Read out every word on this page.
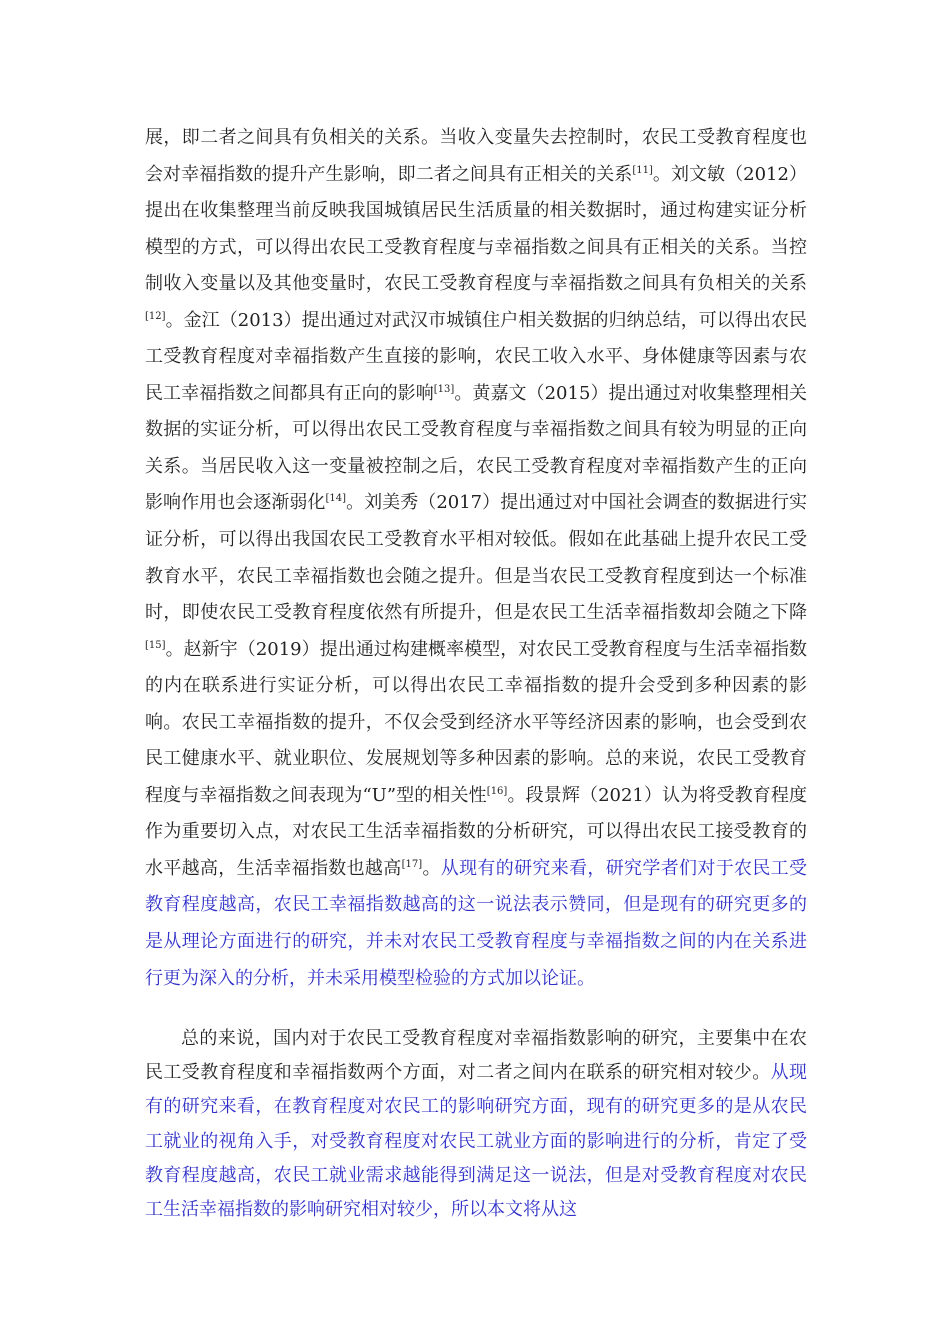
展，即二者之间具有负相关的关系。当收入变量失去控制时，农民工受教育程度也会对幸福指数的提升产生影响，即二者之间具有正相关的关系[11]。刘文敏（2012）提出在收集整理当前反映我国城镇居民生活质量的相关数据时，通过构建实证分析模型的方式，可以得出农民工受教育程度与幸福指数之间具有正相关的关系。当控制收入变量以及其他变量时，农民工受教育程度与幸福指数之间具有负相关的关系[12]。金江（2013）提出通过对武汉市城镇住户相关数据的归纳总结，可以得出农民工受教育程度对幸福指数产生直接的影响，农民工收入水平、身体健康等因素与农民工幸福指数之间都具有正向的影响[13]。黄嘉文（2015）提出通过对收集整理相关数据的实证分析，可以得出农民工受教育程度与幸福指数之间具有较为明显的正向关系。当居民收入这一变量被控制之后，农民工受教育程度对幸福指数产生的正向影响作用也会逐渐弱化[14]。刘美秀（2017）提出通过对中国社会调查的数据进行实证分析，可以得出我国农民工受教育水平相对较低。假如在此基础上提升农民工受教育水平，农民工幸福指数也会随之提升。但是当农民工受教育程度到达一个标准时，即使农民工受教育程度依然有所提升，但是农民工生活幸福指数却会随之下降[15]。赵新宇（2019）提出通过构建概率模型，对农民工受教育程度与生活幸福指数的内在联系进行实证分析，可以得出农民工幸福指数的提升会受到多种因素的影响。农民工幸福指数的提升，不仅会受到经济水平等经济因素的影响，也会受到农民工健康水平、就业职位、发展规划等多种因素的影响。总的来说，农民工受教育程度与幸福指数之间表现为“U”型的相关性[16]。段景辉（2021）认为将受教育程度作为重要切入点，对农民工生活幸福指数的分析研究，可以得出农民工接受教育的水平越高，生活幸福指数也越高[17]。从现有的研究来看，研究学者们对于农民工受教育程度越高，农民工幸福指数越高的这一说法表示赞同，但是现有的研究更多的是从理论方面进行的研究，并未对农民工受教育程度与幸福指数之间的内在关系进行更为深入的分析，并未采用模型检验的方式加以论证。

总的来说，国内对于农民工受教育程度对幸福指数影响的研究，主要集中在农民工受教育程度和幸福指数两个方面，对二者之间内在联系的研究相对较少。从现有的研究来看，在教育程度对农民工的影响研究方面，现有的研究更多的是从农民工就业的视角入手，对受教育程度对农民工就业方面的影响进行的分析，肯定了受教育程度越高，农民工就业需求越能得到满足这一说法，但是对受教育程度对农民工生活幸福指数的影响研究相对较少，所以本文将从这
